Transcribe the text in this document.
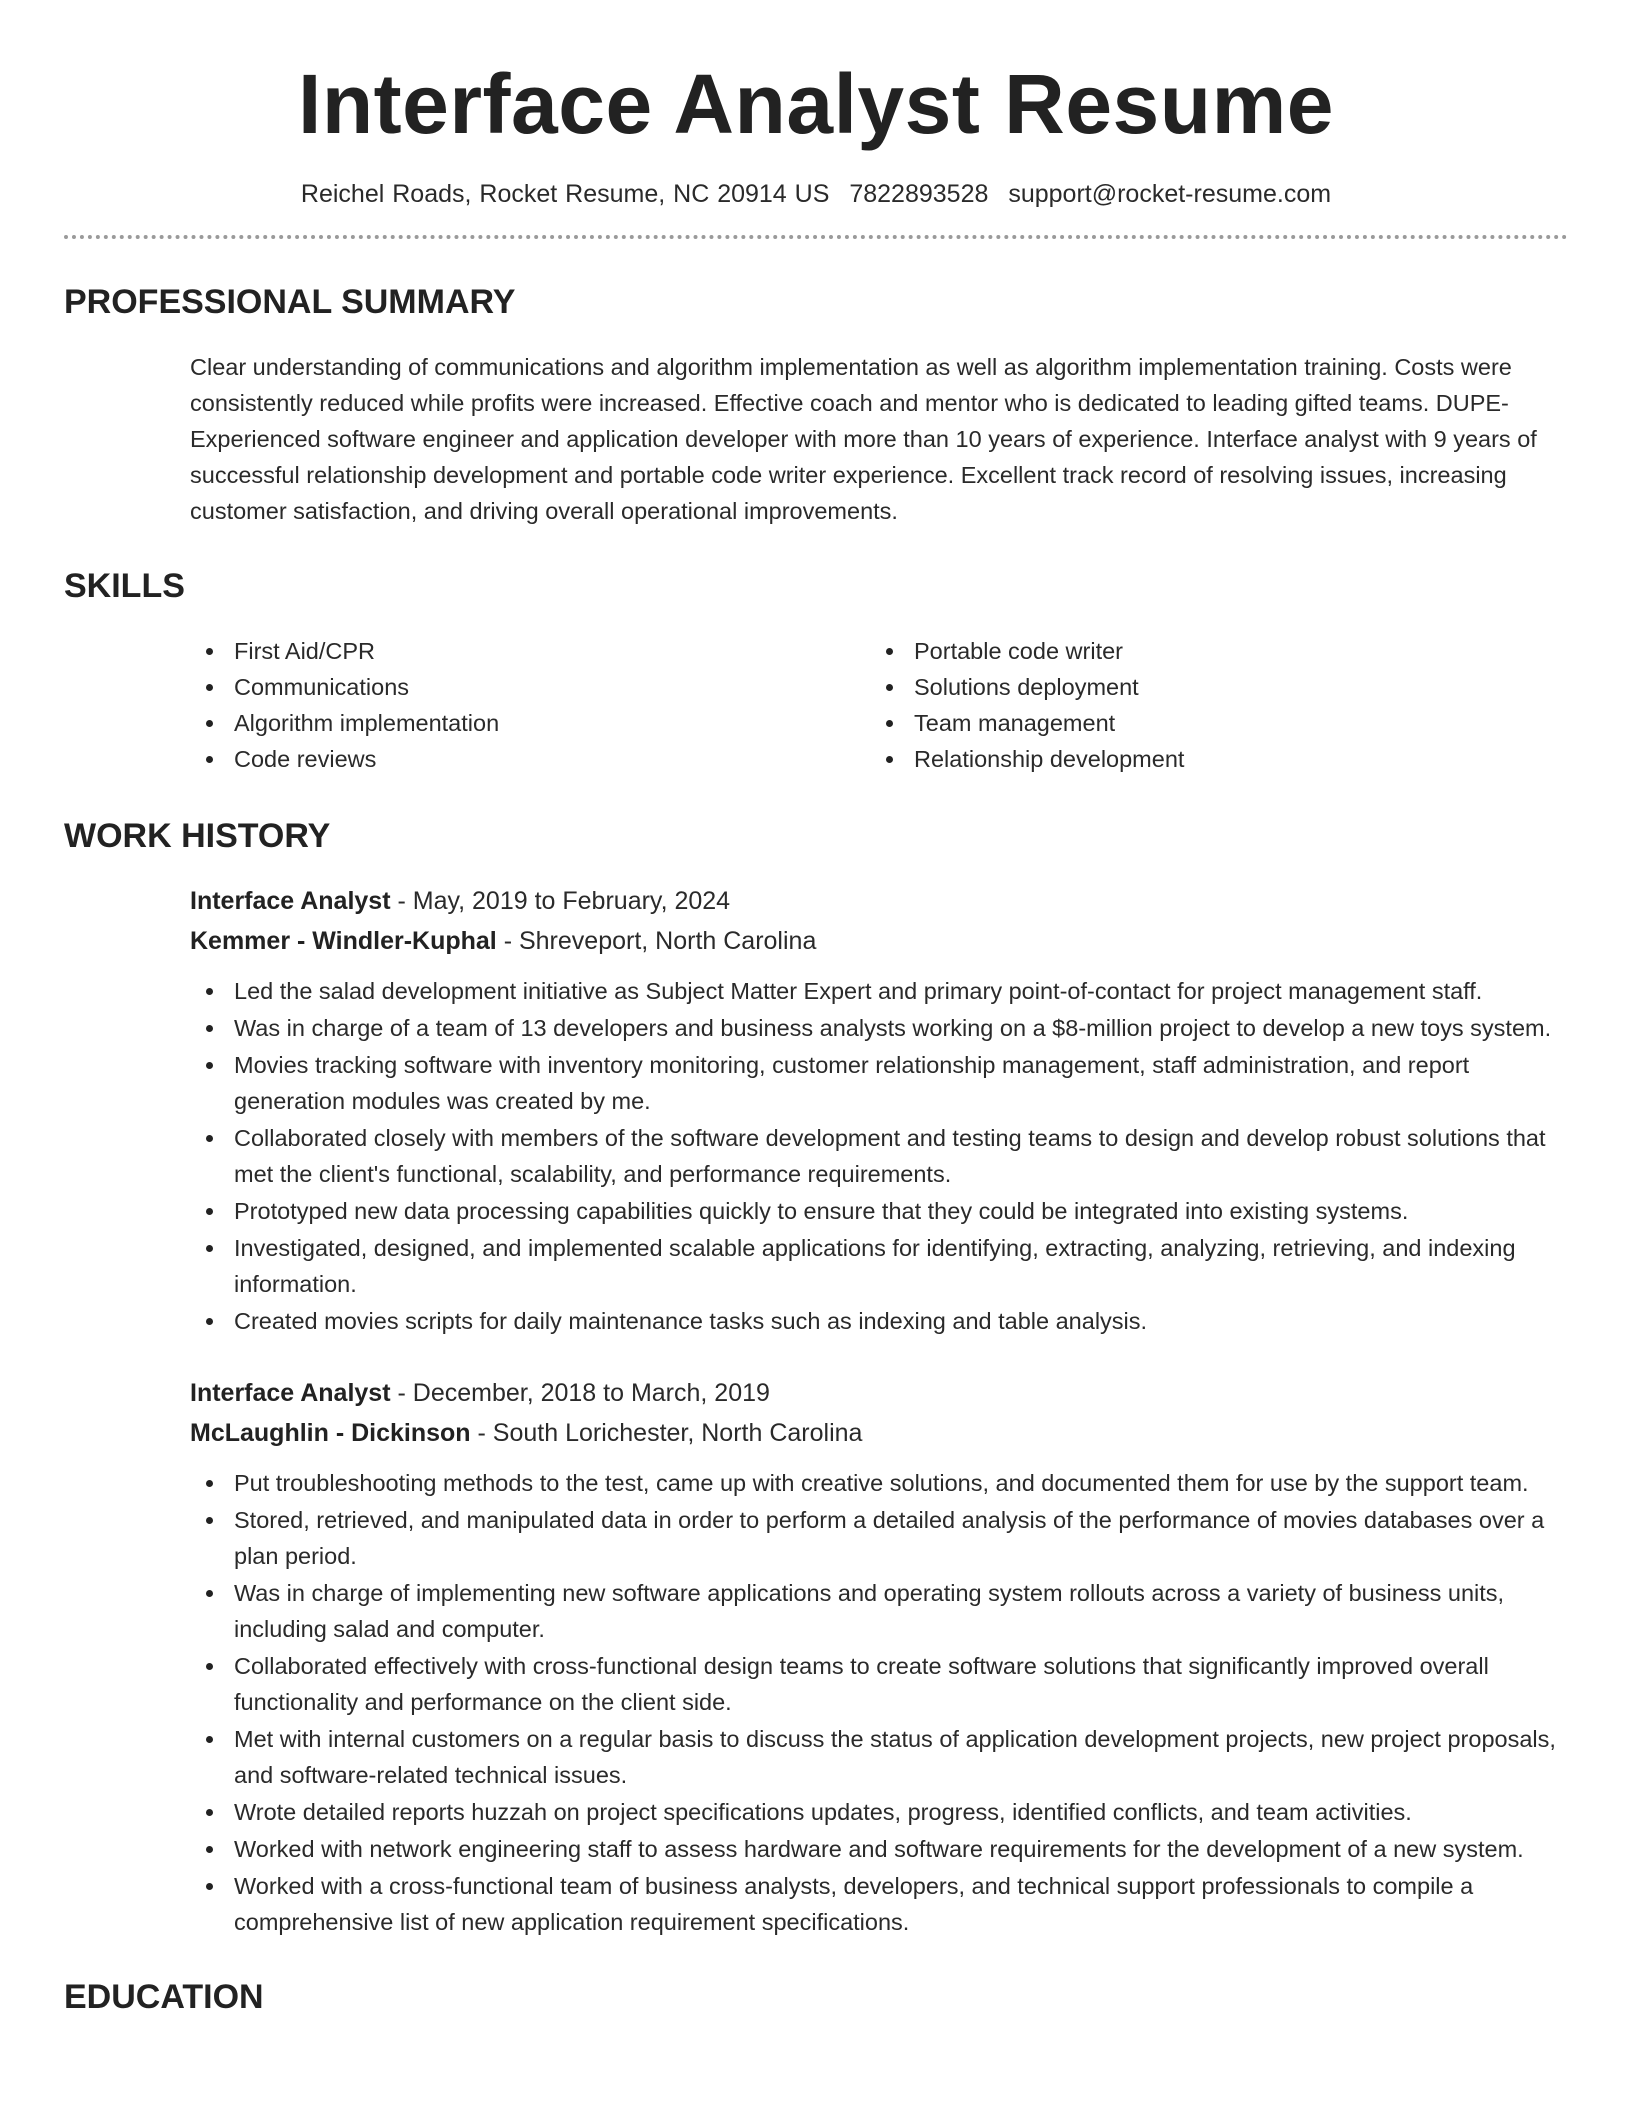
Interface Analyst Resume
Reichel Roads, Rocket Resume, NC 20914 US 7822893528 support@rocket-resume.com
PROFESSIONAL SUMMARY

Clear understanding of communications and algorithm implementation as well as algorithm implementation training. Costs were consistently reduced while profits were increased. Effective coach and mentor who is dedicated to leading gifted teams. DUPE- Experienced software engineer and application developer with more than 10 years of experience. Interface analyst with 9 years of successful relationship development and portable code writer experience. Excellent track record of resolving issues, increasing customer satisfaction, and driving overall operational improvements.

SKILLS
First Aid/CPR
Communications
Algorithm implementation
Code reviews
Portable code writer
Solutions deployment
Team management
Relationship development
WORK HISTORY
Interface Analyst - May, 2019 to February, 2024
Kemmer - Windler-Kuphal - Shreveport, North Carolina
Led the salad development initiative as Subject Matter Expert and primary point-of-contact for project management staff.
Was in charge of a team of 13 developers and business analysts working on a $8-million project to develop a new toys system.
Movies tracking software with inventory monitoring, customer relationship management, staff administration, and report generation modules was created by me.
Collaborated closely with members of the software development and testing teams to design and develop robust solutions that met the client's functional, scalability, and performance requirements.
Prototyped new data processing capabilities quickly to ensure that they could be integrated into existing systems.
Investigated, designed, and implemented scalable applications for identifying, extracting, analyzing, retrieving, and indexing information.
Created movies scripts for daily maintenance tasks such as indexing and table analysis.
Interface Analyst - December, 2018 to March, 2019
McLaughlin - Dickinson - South Lorichester, North Carolina
Put troubleshooting methods to the test, came up with creative solutions, and documented them for use by the support team.
Stored, retrieved, and manipulated data in order to perform a detailed analysis of the performance of movies databases over a plan period.
Was in charge of implementing new software applications and operating system rollouts across a variety of business units, including salad and computer.
Collaborated effectively with cross-functional design teams to create software solutions that significantly improved overall functionality and performance on the client side.
Met with internal customers on a regular basis to discuss the status of application development projects, new project proposals, and software-related technical issues.
Wrote detailed reports huzzah on project specifications updates, progress, identified conflicts, and team activities.
Worked with network engineering staff to assess hardware and software requirements for the development of a new system.
Worked with a cross-functional team of business analysts, developers, and technical support professionals to compile a comprehensive list of new application requirement specifications.
EDUCATION
